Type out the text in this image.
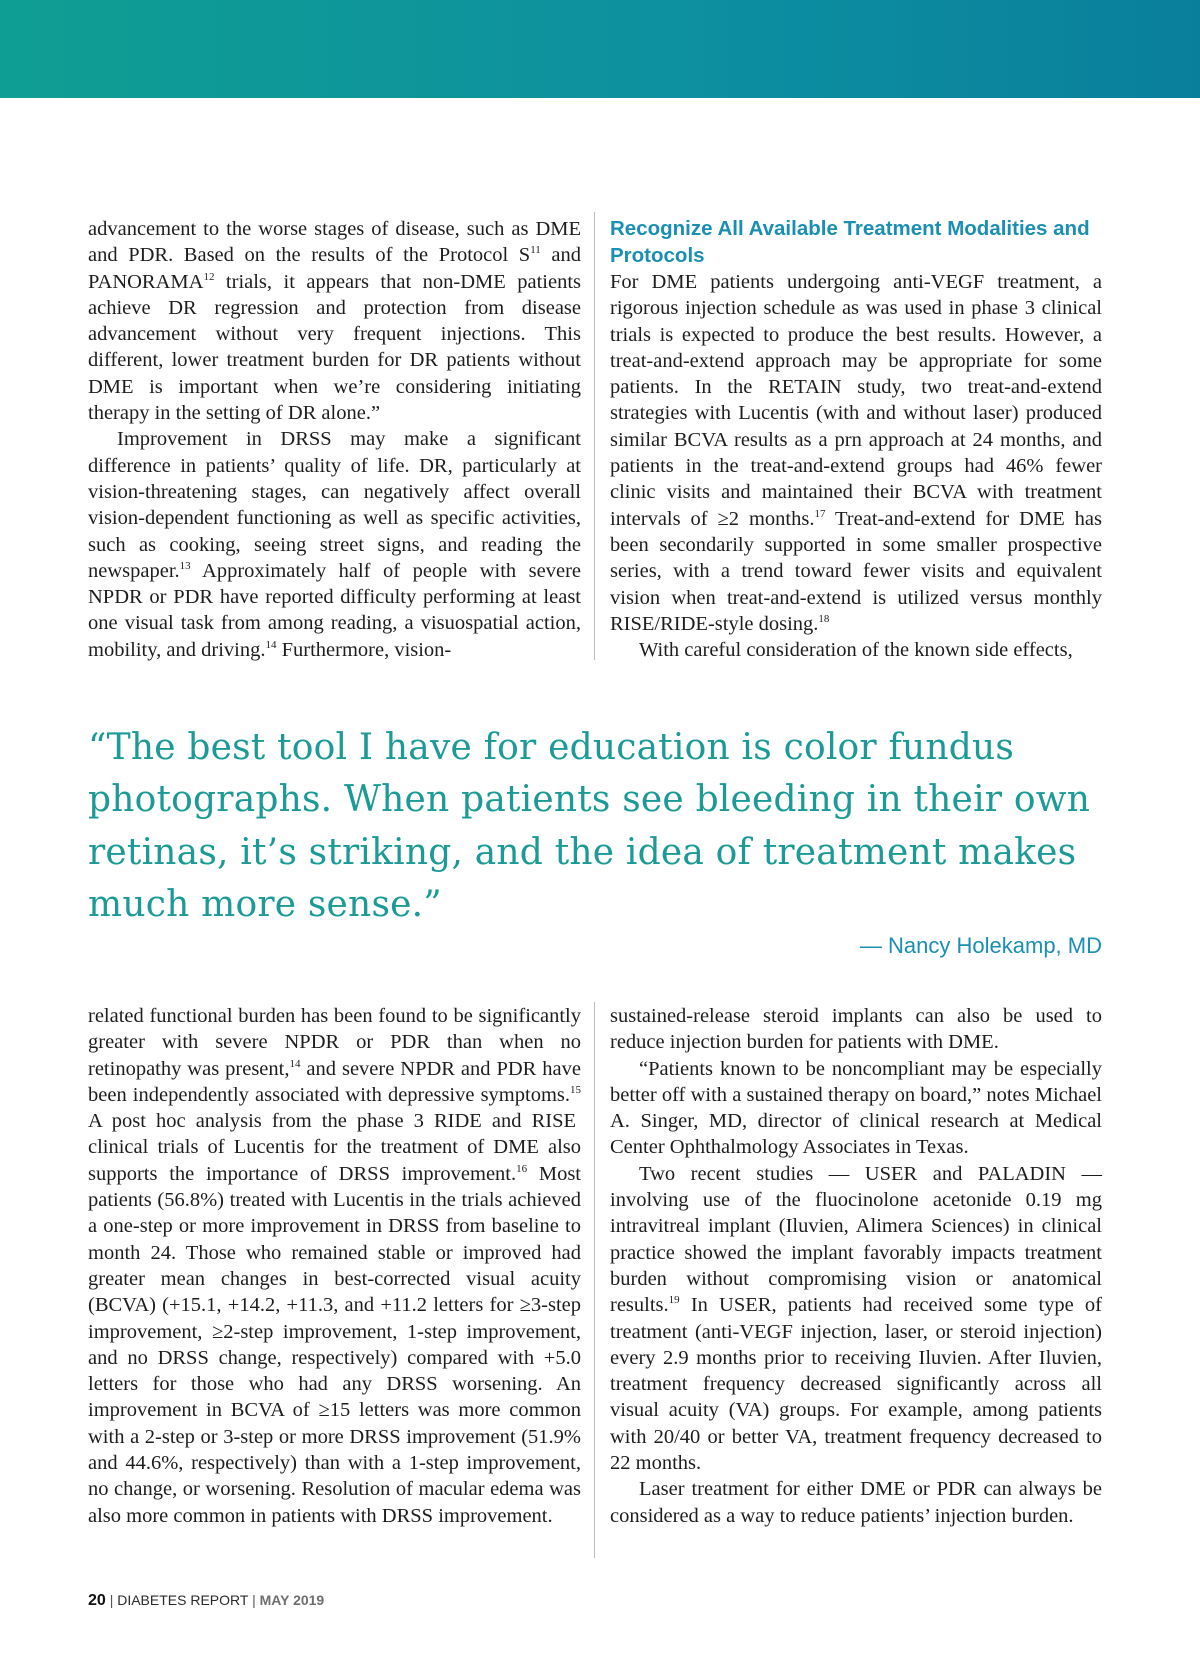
advancement to the worse stages of disease, such as DME and PDR. Based on the results of the Protocol $S^{11}$ and PANORAMA$^{12}$ trials, it appears that non-DME patients achieve DR regression and protection from disease advancement without very frequent injections. This different, lower treatment burden for DR patients without DME is important when we’re considering initiating therapy in the setting of DR alone.”

Improvement in DRSS may make a significant difference in patients’ quality of life. DR, particularly at vision-threatening stages, can negatively affect overall vision-dependent functioning as well as specific activities, such as cooking, seeing street signs, and reading the newspaper.$^{13}$ Approximately half of people with severe NPDR or PDR have reported difficulty performing at least one visual task from among reading, a visuospatial action, mobility, and driving.$^{14}$ Furthermore, vision-

Recognize All Available Treatment Modalities and Protocols

For DME patients undergoing anti-VEGF treatment, a rigorous injection schedule as was used in phase 3 clinical trials is expected to produce the best results. However, a treat-and-extend approach may be appropriate for some patients. In the RETAIN study, two treat-and-extend strategies with Lucentis (with and without laser) produced similar BCVA results as a prn approach at 24 months, and patients in the treat-and-extend groups had 46% fewer clinic visits and maintained their BCVA with treatment intervals of ≥2 months.$^{17}$ Treat-and-extend for DME has been secondarily supported in some smaller prospective series, with a trend toward fewer visits and equivalent vision when treat-and-extend is utilized versus monthly RISE/RIDE-style dosing.$^{18}$

With careful consideration of the known side effects,

“The best tool I have for education is color fundus photographs. When patients see bleeding in their own retinas, it’s striking, and the idea of treatment makes much more sense.”
— Nancy Holekamp, MD

related functional burden has been found to be significantly greater with severe NPDR or PDR than when no retinopathy was present,$^{14}$ and severe NPDR and PDR have been independently associated with depressive symptoms.$^{15}$ A post hoc analysis from the phase 3 RIDE and RISE clinical trials of Lucentis for the treatment of DME also supports the importance of DRSS improvement.$^{16}$ Most patients (56.8%) treated with Lucentis in the trials achieved a one-step or more improvement in DRSS from baseline to month 24. Those who remained stable or improved had greater mean changes in best-corrected visual acuity (BCVA) (+15.1, +14.2, +11.3, and +11.2 letters for ≥3-step improvement, ≥2-step improvement, 1-step improvement, and no DRSS change, respectively) compared with +5.0 letters for those who had any DRSS worsening. An improvement in BCVA of ≥15 letters was more common with a 2-step or 3-step or more DRSS improvement (51.9% and 44.6%, respectively) than with a 1-step improvement, no change, or worsening. Resolution of macular edema was also more common in patients with DRSS improvement.

sustained-release steroid implants can also be used to reduce injection burden for patients with DME.

“Patients known to be noncompliant may be especially better off with a sustained therapy on board,” notes Michael A. Singer, MD, director of clinical research at Medical Center Ophthalmology Associates in Texas.

Two recent studies — USER and PALADIN — involving use of the fluocinolone acetonide 0.19 mg intravitreal implant (Iluvien, Alimera Sciences) in clinical practice showed the implant favorably impacts treatment burden without compromising vision or anatomical results.$^{19}$ In USER, patients had received some type of treatment (anti-VEGF injection, laser, or steroid injection) every 2.9 months prior to receiving Iluvien. After Iluvien, treatment frequency decreased significantly across all visual acuity (VA) groups. For example, among patients with 20/40 or better VA, treatment frequency decreased to 22 months.

Laser treatment for either DME or PDR can always be considered as a way to reduce patients’ injection burden.

20 | DIABETES REPORT | MAY 2019
